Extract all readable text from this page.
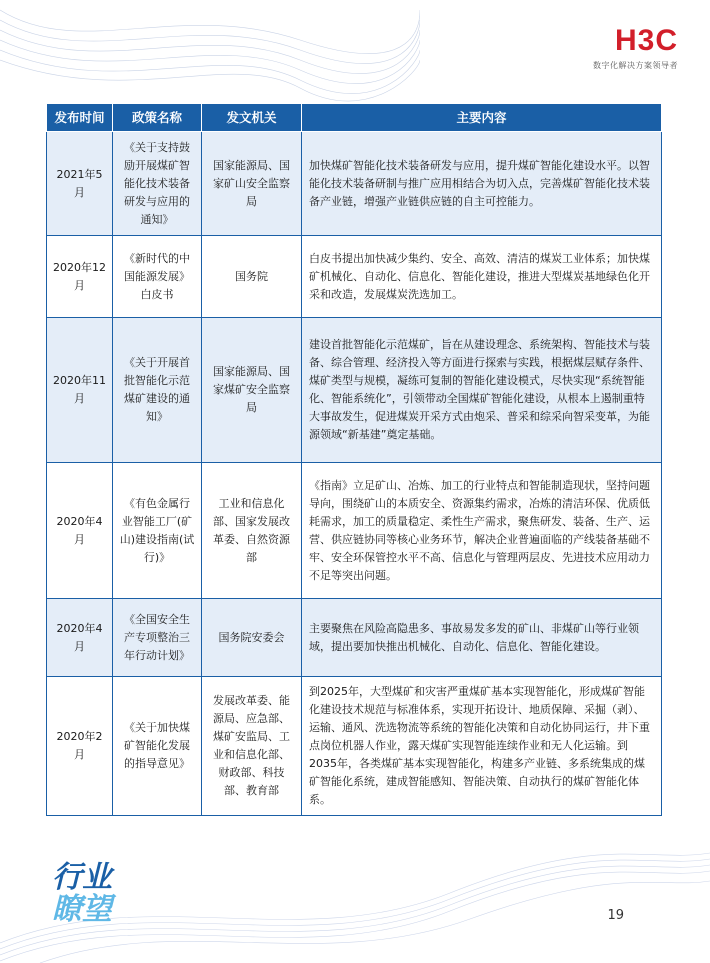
H3C
数字化解决方案领导者
发布时间	政策名称	发文机关	主要内容
2021年5月	《关于支持鼓励开展煤矿智能化技术装备研发与应用的通知》	国家能源局、国家矿山安全监察局	加快煤矿智能化技术装备研发与应用，提升煤矿智能化建设水平。以智能化技术装备研制与推广应用相结合为切入点，完善煤矿智能化技术装备产业链，增强产业链供应链的自主可控能力。
2020年12月	《新时代的中国能源发展》白皮书	国务院	白皮书提出加快减少集约、安全、高效、清洁的煤炭工业体系；加快煤矿机械化、自动化、信息化、智能化建设，推进大型煤炭基地绿色化开采和改造，发展煤炭洗选加工。
2020年11月	《关于开展首批智能化示范煤矿建设的通知》	国家能源局、国家煤矿安全监察局	建设首批智能化示范煤矿，旨在从建设理念、系统架构、智能技术与装备、综合管理、经济投入等方面进行探索与实践，根据煤层赋存条件、煤矿类型与规模，凝练可复制的智能化建设模式，尽快实现“系统智能化、智能系统化”，引领带动全国煤矿智能化建设，从根本上遏制重特大事故发生，促进煤炭开采方式由炮采、普采和综采向智采变革，为能源领域“新基建”奠定基础。
2020年4月	《有色金属行业智能工厂(矿山)建设指南(试行)》	工业和信息化部、国家发展改革委、自然资源部	《指南》立足矿山、冶炼、加工的行业特点和智能制造现状，坚持问题导向，围绕矿山的本质安全、资源集约需求，冶炼的清洁环保、优质低耗需求，加工的质量稳定、柔性生产需求，聚焦研发、装备、生产、运营、供应链协同等核心业务环节，解决企业普遍面临的产线装备基础不牢、安全环保管控水平不高、信息化与管理两层皮、先进技术应用动力不足等突出问题。
2020年4月	《全国安全生产专项整治三年行动计划》	国务院安委会	主要聚焦在风险高隐患多、事故易发多发的矿山、非煤矿山等行业领域，提出要加快推出机械化、自动化、信息化、智能化建设。
2020年2月	《关于加快煤矿智能化发展的指导意见》	发展改革委、能源局、应急部、煤矿安监局、工业和信息化部、财政部、科技部、教育部	到2025年，大型煤矿和灾害严重煤矿基本实现智能化，形成煤矿智能化建设技术规范与标准体系，实现开拓设计、地质保障、采掘（剥）、运输、通风、洗选物流等系统的智能化决策和自动化协同运行，井下重点岗位机器人作业，露天煤矿实现智能连续作业和无人化运输。到2035年，各类煤矿基本实现智能化，构建多产业链、多系统集成的煤矿智能化系统，建成智能感知、智能决策、自动执行的煤矿智能化体系。
行业
瞭望	19
